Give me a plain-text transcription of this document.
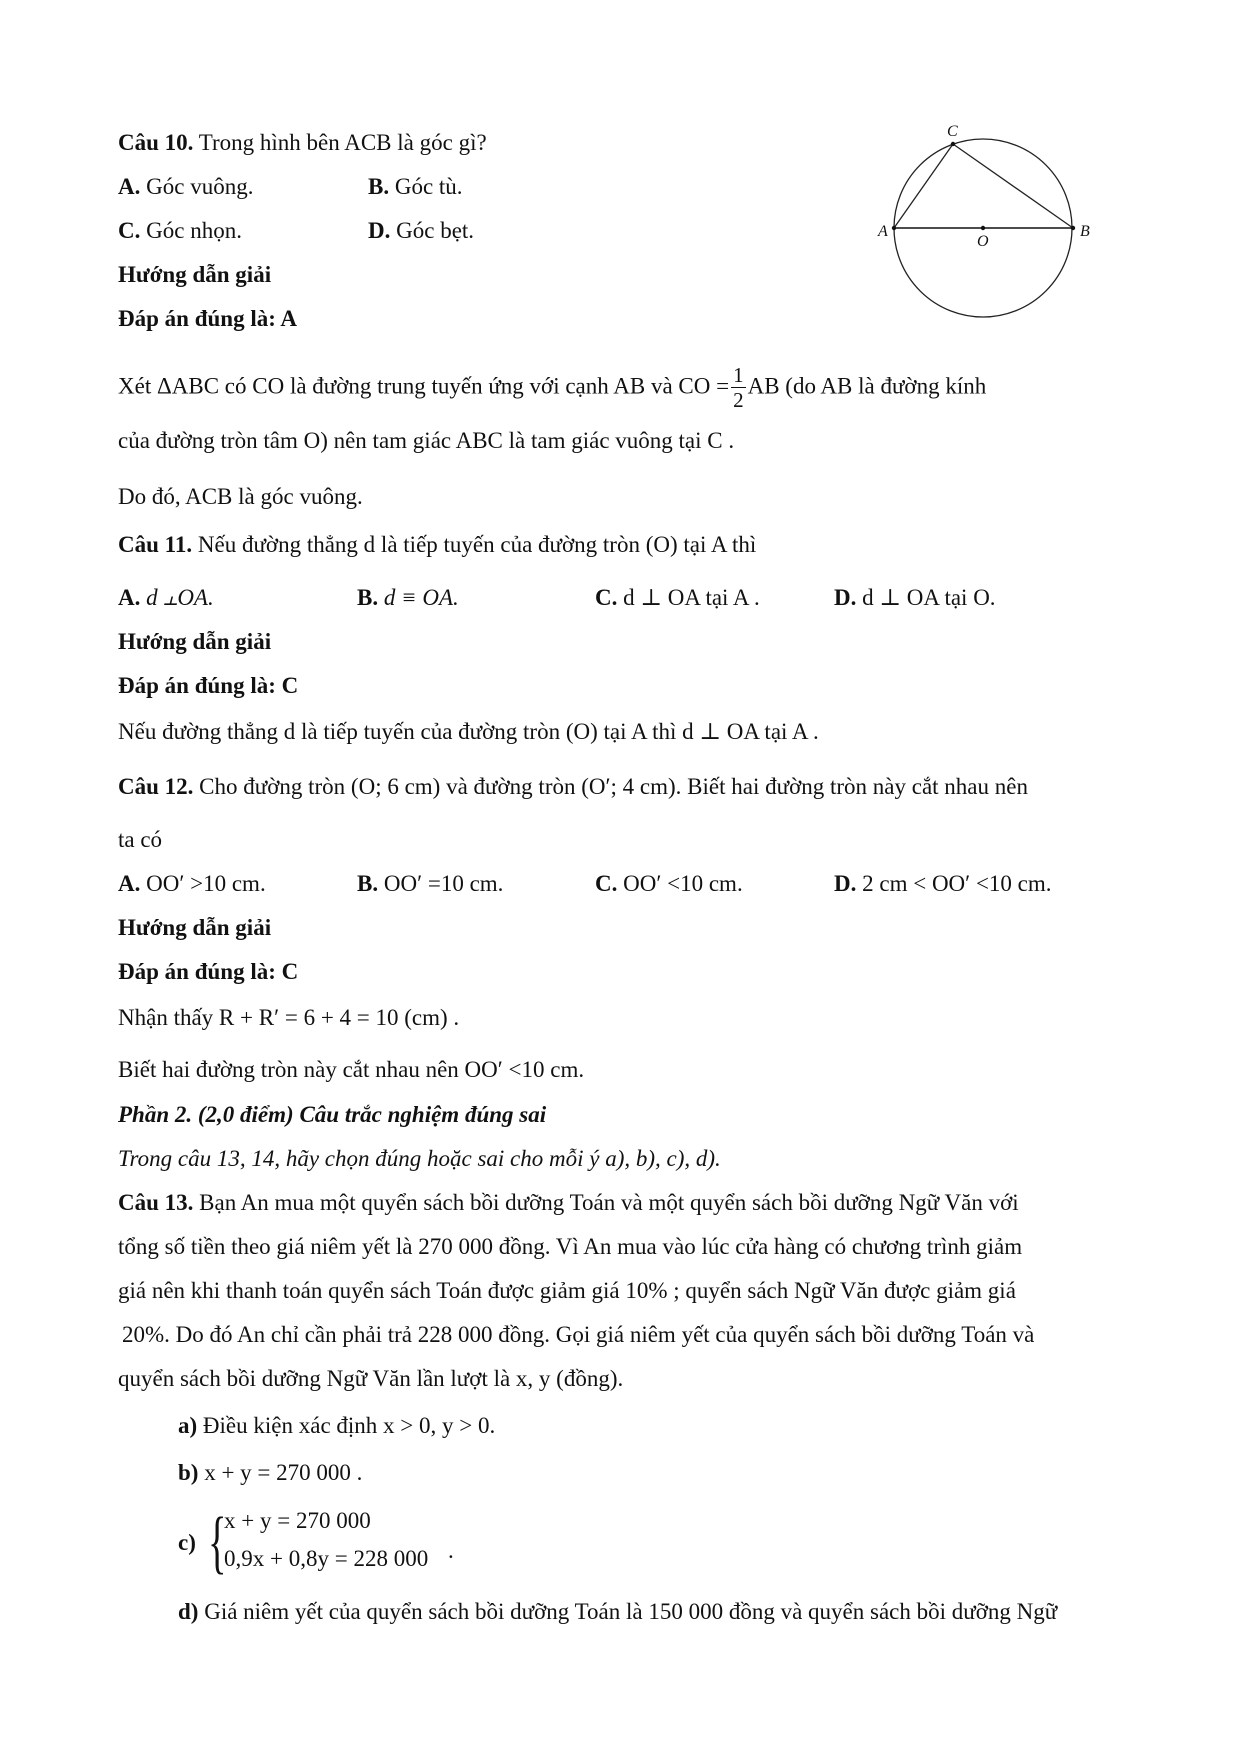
Câu 10. Trong hình bên ACB là góc gì?
A. Góc vuông.	B. Góc tù.
C. Góc nhọn.	D. Góc bẹt.
Hướng dẫn giải
Đáp án đúng là: A
A	B
C
O
Xét ΔABC có CO là đường trung tuyến ứng với cạnh AB và CO = $\frac{1}{2}$ AB (do AB là đường kính
của đường tròn tâm O) nên tam giác ABC là tam giác vuông tại C .
Do đó, ACB là góc vuông.
Câu 11. Nếu đường thẳng d là tiếp tuyến của đường tròn (O) tại A thì
A. d ⫠OA.	B. d ≡ OA.	C. d ⊥ OA tại A .	D. d ⊥ OA tại O.
Hướng dẫn giải
Đáp án đúng là: C
Nếu đường thẳng d là tiếp tuyến của đường tròn (O) tại A thì d ⊥ OA tại A .
Câu 12. Cho đường tròn (O; 6 cm) và đường tròn (O′; 4 cm). Biết hai đường tròn này cắt nhau nên
ta có
A. OO′ >10 cm.	B. OO′ =10 cm.	C. OO′ <10 cm.	D. 2 cm < OO′ <10 cm.
Hướng dẫn giải
Đáp án đúng là: C
Nhận thấy R + R′ = 6 + 4 = 10 (cm) .
Biết hai đường tròn này cắt nhau nên OO′ <10 cm.
Phần 2. (2,0 điểm) Câu trắc nghiệm đúng sai
Trong câu 13, 14, hãy chọn đúng hoặc sai cho mỗi ý a), b), c), d).
Câu 13. Bạn An mua một quyển sách bồi dưỡng Toán và một quyển sách bồi dưỡng Ngữ Văn với
tổng số tiền theo giá niêm yết là 270 000 đồng. Vì An mua vào lúc cửa hàng có chương trình giảm
giá nên khi thanh toán quyển sách Toán được giảm giá 10% ; quyển sách Ngữ Văn được giảm giá
20%. Do đó An chỉ cần phải trả 228 000 đồng. Gọi giá niêm yết của quyển sách bồi dưỡng Toán và
quyển sách bồi dưỡng Ngữ Văn lần lượt là x, y (đồng).
a) Điều kiện xác định x > 0, y > 0.
b) x + y = 270 000 .
c) {
x + y = 270 000
0,9x + 0,8y = 228 000 .
d) Giá niêm yết của quyển sách bồi dưỡng Toán là 150 000 đồng và quyển sách bồi dưỡng Ngữ
